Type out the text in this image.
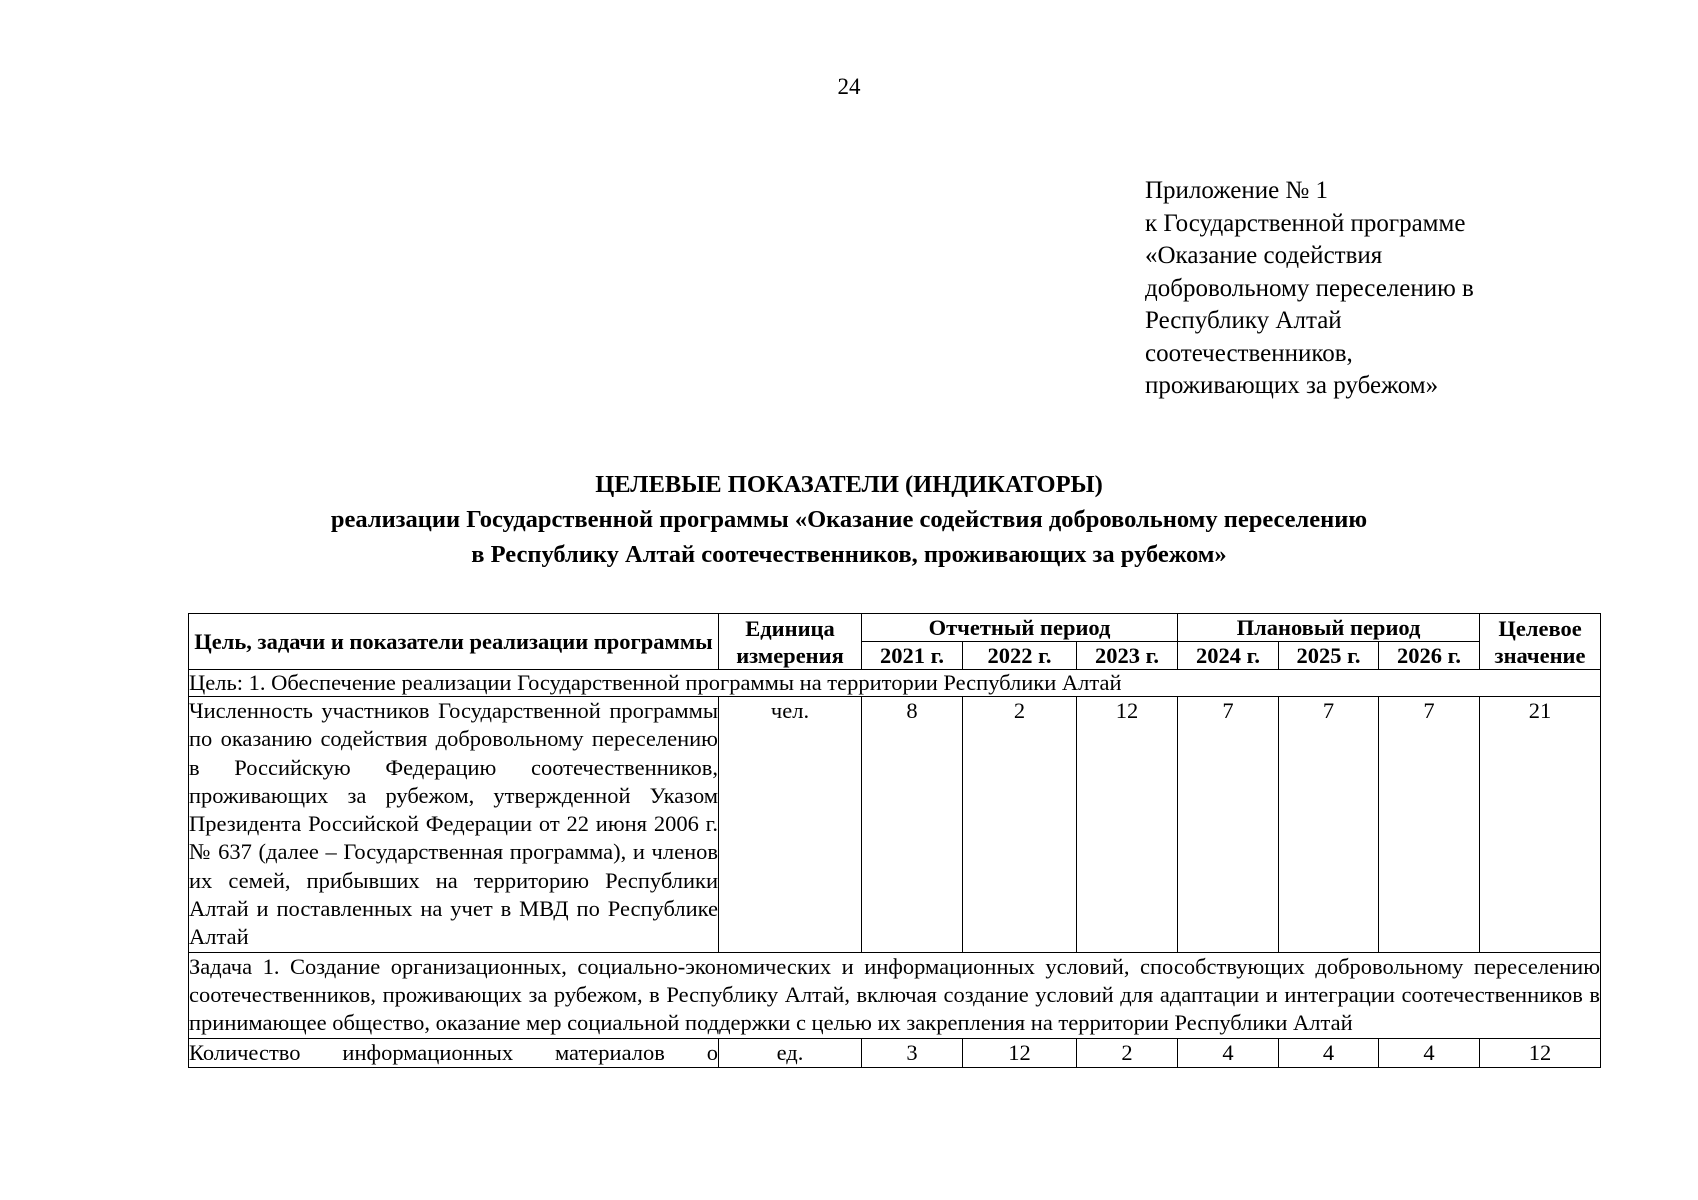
24
Приложение № 1
к Государственной программе
«Оказание содействия
добровольному переселению в
Республику Алтай
соотечественников,
проживающих за рубежом»
ЦЕЛЕВЫЕ ПОКАЗАТЕЛИ (ИНДИКАТОРЫ)
реализации Государственной программы «Оказание содействия добровольному переселению
в Республику Алтай соотечественников, проживающих за рубежом»
Цель, задачи и показатели реализации программы	Единица измерения	Отчетный период			Плановый период			Целевое значение
		2021 г.	2022 г.	2023 г.	2024 г.	2025 г.	2026 г.	
Цель: 1. Обеспечение реализации Государственной программы на территории Республики Алтай								
Численность участников Государственной программы по оказанию содействия добровольному переселению в Российскую Федерацию соотечественников, проживающих за рубежом, утвержденной Указом Президента Российской Федерации от 22 июня 2006 г. № 637 (далее – Государственная программа), и членов их семей, прибывших на территорию Республики Алтай и поставленных на учет в МВД по Республике Алтай	чел.	8	2	12	7	7	7	21
Задача 1. Создание организационных, социально-экономических и информационных условий, способствующих добровольному переселению соотечественников, проживающих за рубежом, в Республику Алтай, включая создание условий для адаптации и интеграции соотечественников в принимающее общество, оказание мер социальной поддержки с целью их закрепления на территории Республики Алтай								

Количество информационных материалов о	ед.	3	12	2	4	4	4	12
